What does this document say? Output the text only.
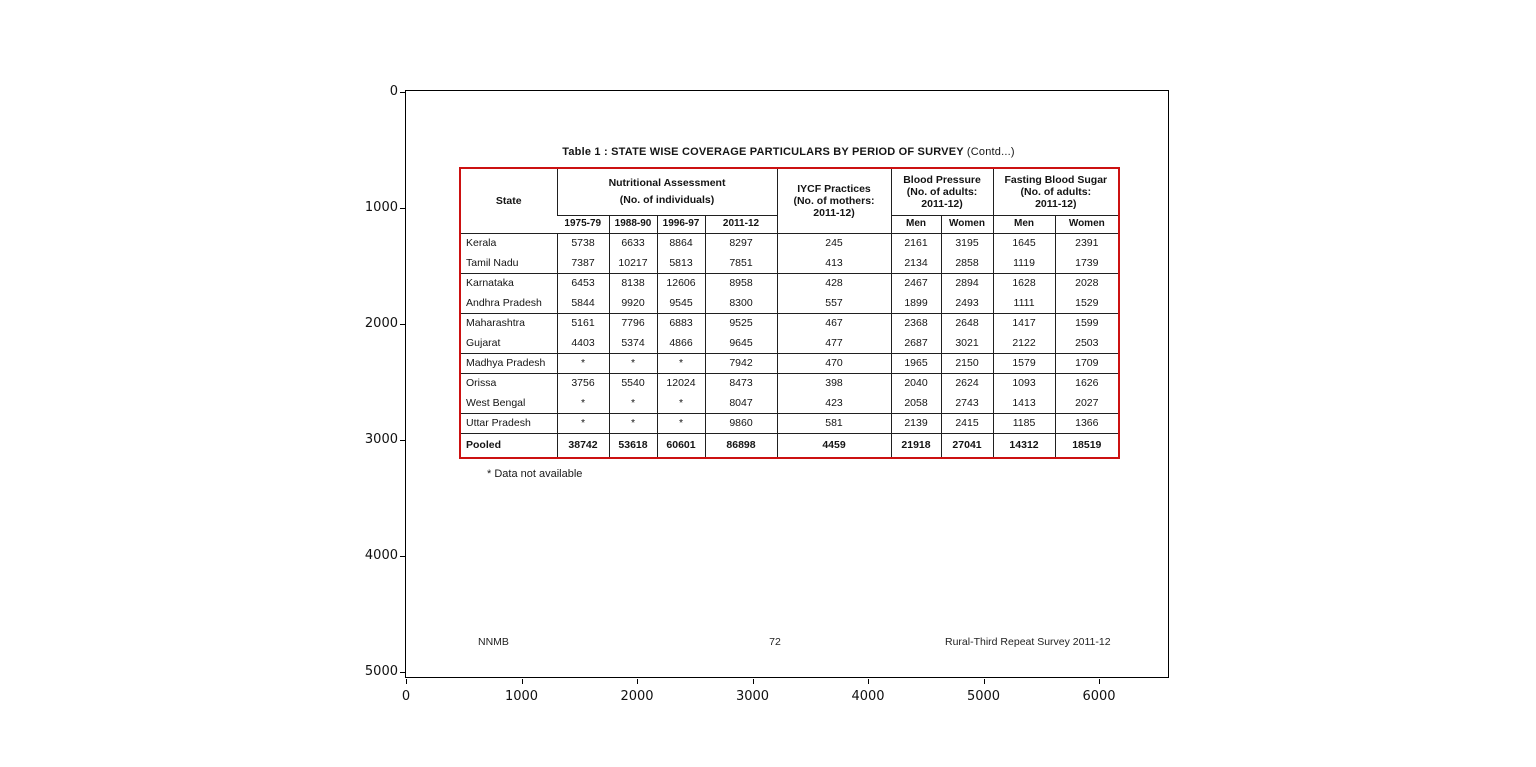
Table 1 : STATE WISE COVERAGE PARTICULARS BY PERIOD OF SURVEY (Contd...)
State	
Nutritional Assessment
(No. of individuals)

IYCF Practices
(No. of mothers:
2011-12)

Blood Pressure
(No. of adults:
2011-12)

Fasting Blood Sugar
(No. of adults:
2011-12)

	1975-79	1988-90	1996-97	2011-12		Men	Women	Men	Women
Kerala	5738	6633	8864	8297	245	2161	3195	1645	2391
Tamil Nadu	7387	10217	5813	7851	413	2134	2858	1119	1739
Karnataka	6453	8138	12606	8958	428	2467	2894	1628	2028
Andhra Pradesh	5844	9920	9545	8300	557	1899	2493	1111	1529
Maharashtra	5161	7796	6883	9525	467	2368	2648	1417	1599
Gujarat	4403	5374	4866	9645	477	2687	3021	2122	2503
Madhya Pradesh	*	*	*	7942	470	1965	2150	1579	1709
Orissa	3756	5540	12024	8473	398	2040	2624	1093	1626
West Bengal	*	*	*	8047	423	2058	2743	1413	2027
Uttar Pradesh	*	*	*	9860	581	2139	2415	1185	1366
Pooled	38742	53618	60601	86898	4459	21918	27041	14312	18519
* Data not available
NNMB	72	Rural-Third Repeat Survey 2011-12
0
1000
2000
3000
4000
5000
0	1000	2000	3000	4000	5000	6000
